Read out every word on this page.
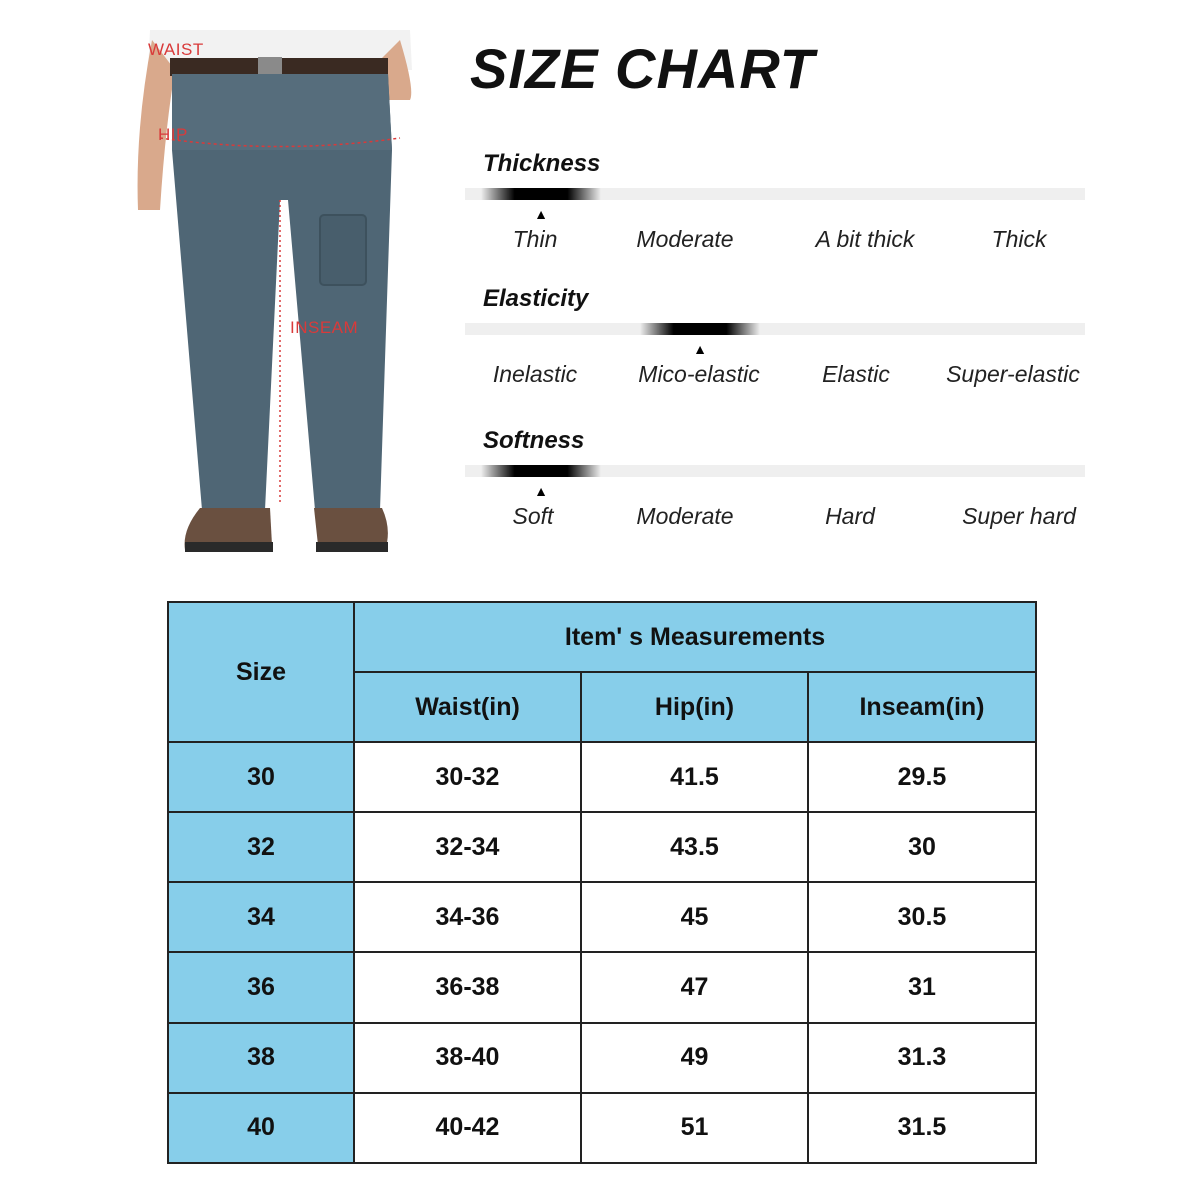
WAIST
HIP
INSEAM
SIZE CHART
Thickness
▲
Thin	Moderate	A bit thick	Thick
Elasticity
▲
Inelastic	Mico-elastic	Elastic Super-elastic
Softness
▲
Soft	Moderate	Hard	Super hard
Size	Item' s Measurements		
	Waist(in)	Hip(in)	Inseam(in)
30	30-32	41.5	29.5
32	32-34	43.5	30
34	34-36	45	30.5
36	36-38	47	31
38	38-40	49	31.3
40	40-42	51	31.5
